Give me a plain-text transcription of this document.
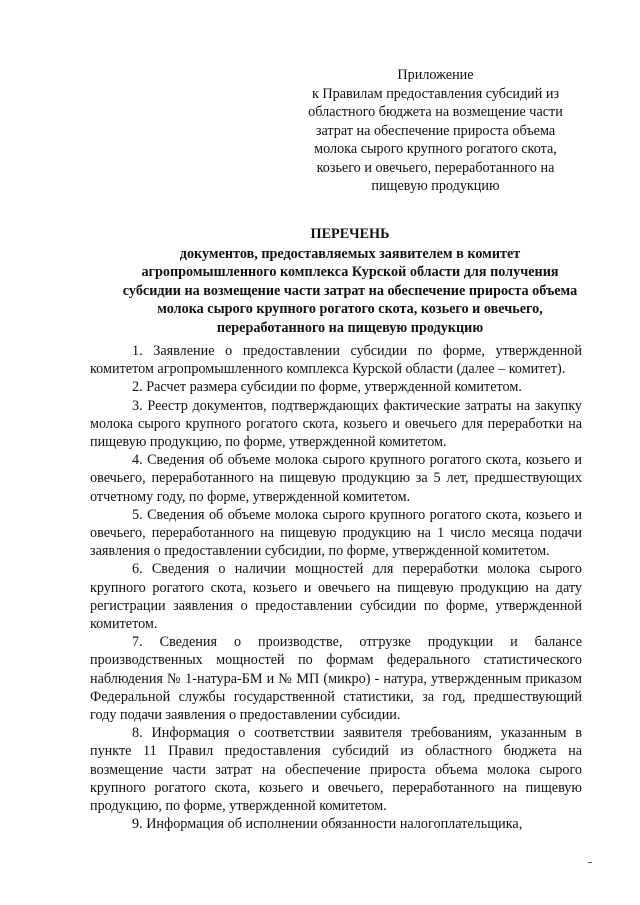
Приложение
к Правилам предоставления субсидий из
областного бюджета на возмещение части
затрат на обеспечение прироста объема
молока сырого крупного рогатого скота,
козьего и овечьего, переработанного на
пищевую продукцию
ПЕРЕЧЕНЬ
документов, предоставляемых заявителем в комитет
агропромышленного комплекса Курской области для получения
субсидии на возмещение части затрат на обеспечение прироста объема
молока сырого крупного рогатого скота, козьего и овечьего,
переработанного на пищевую продукцию

1. Заявление о предоставлении субсидии по форме, утвержденной комитетом агропромышленного комплекса Курской области (далее – комитет).

2. Расчет размера субсидии по форме, утвержденной комитетом.

3. Реестр документов, подтверждающих фактические затраты на закупку молока сырого крупного рогатого скота, козьего и овечьего для переработки на пищевую продукцию, по форме, утвержденной комитетом.

4. Сведения об объеме молока сырого крупного рогатого скота, козьего и овечьего, переработанного на пищевую продукцию за 5 лет, предшествующих отчетному году, по форме, утвержденной комитетом.

5. Сведения об объеме молока сырого крупного рогатого скота, козьего и овечьего, переработанного на пищевую продукцию на 1 число месяца подачи заявления о предоставлении субсидии, по форме, утвержденной комитетом.

6. Сведения о наличии мощностей для переработки молока сырого крупного рогатого скота, козьего и овечьего на пищевую продукцию на дату регистрации заявления о предоставлении субсидии по форме, утвержденной комитетом.

7. Сведения о производстве, отгрузке продукции и балансе производственных мощностей по формам федерального статистического наблюдения № 1-натура-БМ и № МП (микро) - натура, утвержденным приказом Федеральной службы государственной статистики, за год, предшествующий году подачи заявления о предоставлении субсидии.

8. Информация о соответствии заявителя требованиям, указанным в пункте 11 Правил предоставления субсидий из областного бюджета на возмещение части затрат на обеспечение прироста объема молока сырого крупного рогатого скота, козьего и овечьего, переработанного на пищевую продукцию, по форме, утвержденной комитетом.

9. Информация об исполнении обязанности налогоплательщика,
